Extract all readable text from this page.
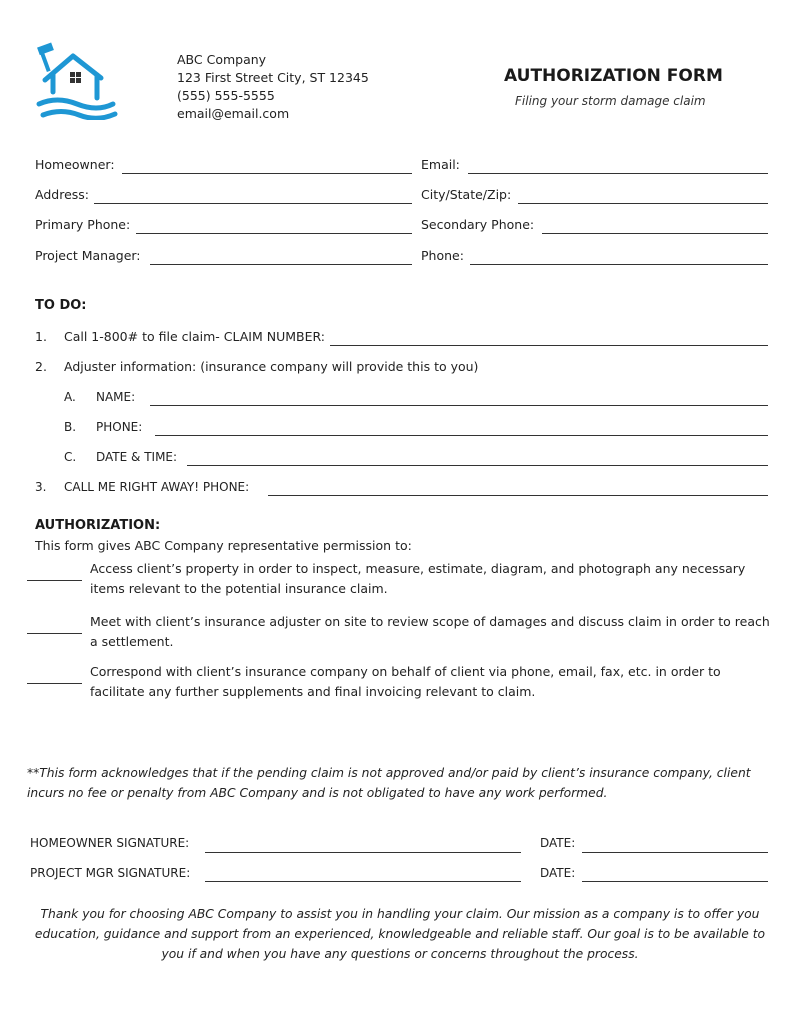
ABC Company
123 First Street City, ST 12345
(555) 555-5555
email@email.com
AUTHORIZATION FORM
Filing your storm damage claim
Homeowner:	Email:
Address:	City/State/Zip:
Primary Phone:	Secondary Phone:
Project Manager:	Phone:
TO DO:
1. Call 1-800# to file claim- CLAIM NUMBER:
2. Adjuster information: (insurance company will provide this to you)
A. NAME:
B. PHONE:
C. DATE & TIME:
3. CALL ME RIGHT AWAY! PHONE:
AUTHORIZATION:
This form gives ABC Company representative permission to:
Access client’s property in order to inspect, measure, estimate, diagram, and photograph any necessary items relevant to the potential insurance claim.
Meet with client’s insurance adjuster on site to review scope of damages and discuss claim in order to reach a settlement.
Correspond with client’s insurance company on behalf of client via phone, email, fax, etc. in order to facilitate any further supplements and final invoicing relevant to claim.
**This form acknowledges that if the pending claim is not approved and/or paid by client’s insurance company, client incurs no fee or penalty from ABC Company and is not obligated to have any work performed.
HOMEOWNER SIGNATURE:	DATE:
PROJECT MGR SIGNATURE:	DATE:
Thank you for choosing ABC Company to assist you in handling your claim. Our mission as a company is to offer you education, guidance and support from an experienced, knowledgeable and reliable staff. Our goal is to be available to you if and when you have any questions or concerns throughout the process.
